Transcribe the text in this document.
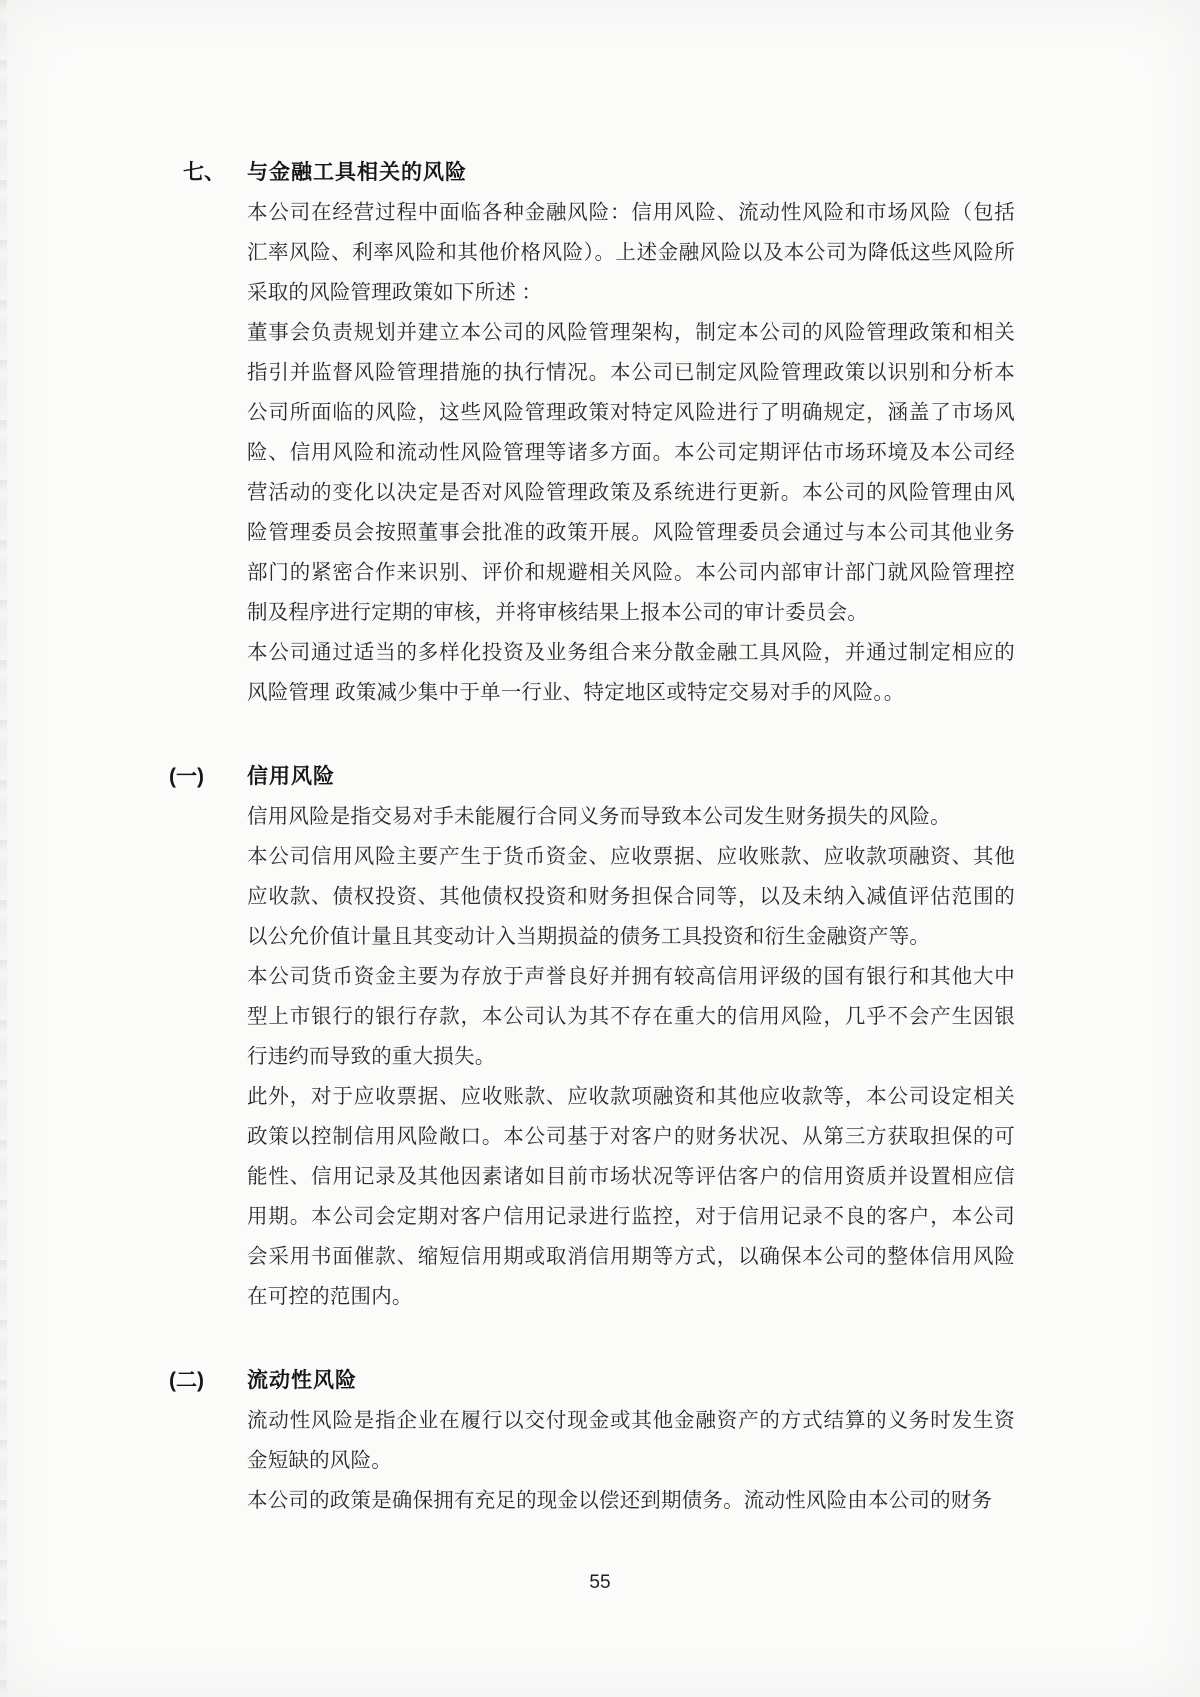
七、	与金融工具相关的风险
本公司在经营过程中面临各种金融风险：信用风险、流动性风险和市场风险（包括
汇率风险、利率风险和其他价格风险）。上述金融风险以及本公司为降低这些风险所
采取的风险管理政策如下所述 ：
董事会负责规划并建立本公司的风险管理架构，制定本公司的风险管理政策和相关
指引并监督风险管理措施的执行情况。本公司已制定风险管理政策以识别和分析本
公司所面临的风险，这些风险管理政策对特定风险进行了明确规定，涵盖了市场风
险、信用风险和流动性风险管理等诸多方面。本公司定期评估市场环境及本公司经
营活动的变化以决定是否对风险管理政策及系统进行更新。本公司的风险管理由风
险管理委员会按照董事会批准的政策开展。风险管理委员会通过与本公司其他业务
部门的紧密合作来识别、评价和规避相关风险。本公司内部审计部门就风险管理控
制及程序进行定期的审核，并将审核结果上报本公司的审计委员会。
本公司通过适当的多样化投资及业务组合来分散金融工具风险，并通过制定相应的
风险管理 政策减少集中于单一行业、特定地区或特定交易对手的风险。。
(一)	信用风险
信用风险是指交易对手未能履行合同义务而导致本公司发生财务损失的风险。
本公司信用风险主要产生于货币资金、应收票据、应收账款、应收款项融资、其他
应收款、债权投资、其他债权投资和财务担保合同等，以及未纳入减值评估范围的
以公允价值计量且其变动计入当期损益的债务工具投资和衍生金融资产等。
本公司货币资金主要为存放于声誉良好并拥有较高信用评级的国有银行和其他大中
型上市银行的银行存款，本公司认为其不存在重大的信用风险，几乎不会产生因银
行违约而导致的重大损失。
此外，对于应收票据、应收账款、应收款项融资和其他应收款等，本公司设定相关
政策以控制信用风险敞口。本公司基于对客户的财务状况、从第三方获取担保的可
能性、信用记录及其他因素诸如目前市场状况等评估客户的信用资质并设置相应信
用期。本公司会定期对客户信用记录进行监控，对于信用记录不良的客户，本公司
会采用书面催款、缩短信用期或取消信用期等方式，以确保本公司的整体信用风险
在可控的范围内。
(二)	流动性风险
流动性风险是指企业在履行以交付现金或其他金融资产的方式结算的义务时发生资
金短缺的风险。
本公司的政策是确保拥有充足的现金以偿还到期债务。流动性风险由本公司的财务
55
